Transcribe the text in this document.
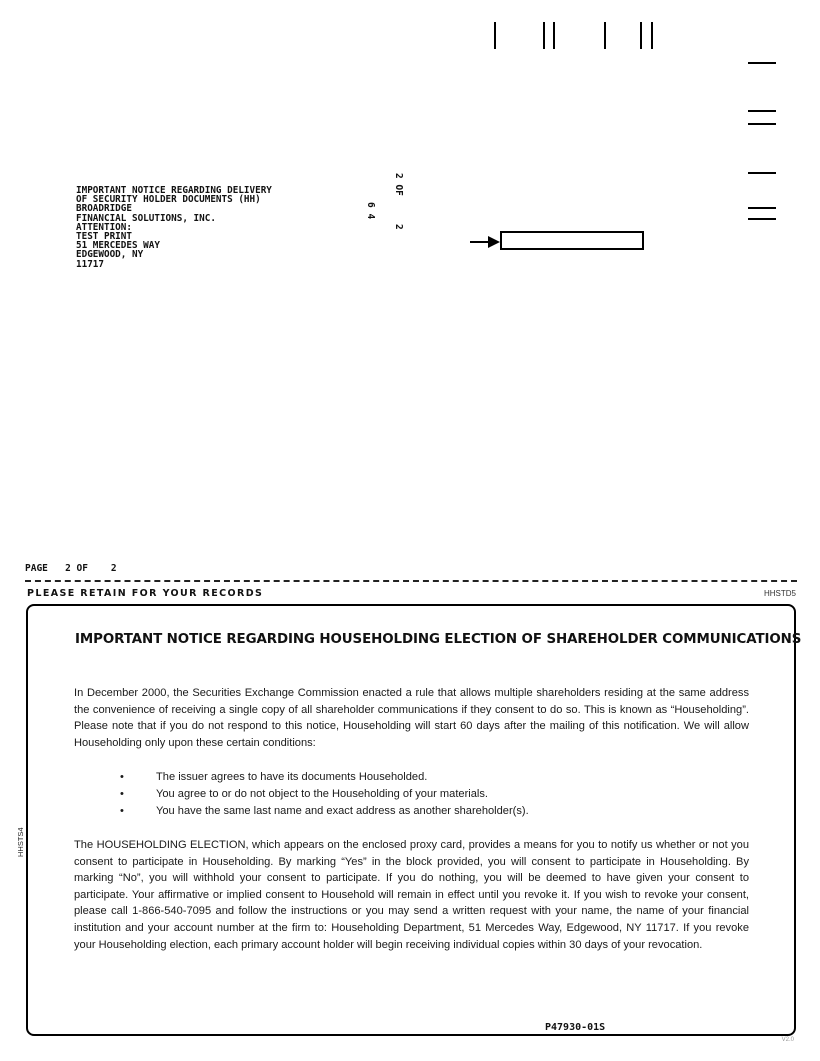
IMPORTANT NOTICE REGARDING DELIVERY
OF SECURITY HOLDER DOCUMENTS (HH)
BROADRIDGE
FINANCIAL SOLUTIONS, INC.
ATTENTION:
TEST PRINT
51 MERCEDES WAY
EDGEWOOD, NY
11717
2 OF
6 4
2
PAGE 2 OF 2
PLEASE RETAIN FOR YOUR RECORDS	HHSTD5
IMPORTANT NOTICE REGARDING HOUSEHOLDING ELECTION OF SHAREHOLDER COMMUNICATIONS

In December 2000, the Securities Exchange Commission enacted a rule that allows multiple shareholders residing at the same address the convenience of receiving a single copy of all shareholder communications if they consent to do so. This is known as “Householding”. Please note that if you do not respond to this notice, Householding will start 60 days after the mailing of this notification. We will allow Householding only upon these certain conditions:

•	The issuer agrees to have its documents Householded.
•	You agree to or do not object to the Householding of your materials.
•	You have the same last name and exact address as another shareholder(s).

The HOUSEHOLDING ELECTION, which appears on the enclosed proxy card, provides a means for you to notify us whether or not you consent to participate in Householding. By marking “Yes” in the block provided, you will consent to participate in Householding. By marking “No”, you will withhold your consent to participate. If you do nothing, you will be deemed to have given your consent to participate. Your affirmative or implied consent to Household will remain in effect until you revoke it. If you wish to revoke your consent, please call 1-866-540-7095 and follow the instructions or you may send a written request with your name, the name of your financial institution and your account number at the firm to: Householding Department, 51 Mercedes Way, Edgewood, NY 11717. If you revoke your Householding election, each primary account holder will begin receiving individual copies within 30 days of your revocation.

HHSTS4
P47930-01S
V2.0
